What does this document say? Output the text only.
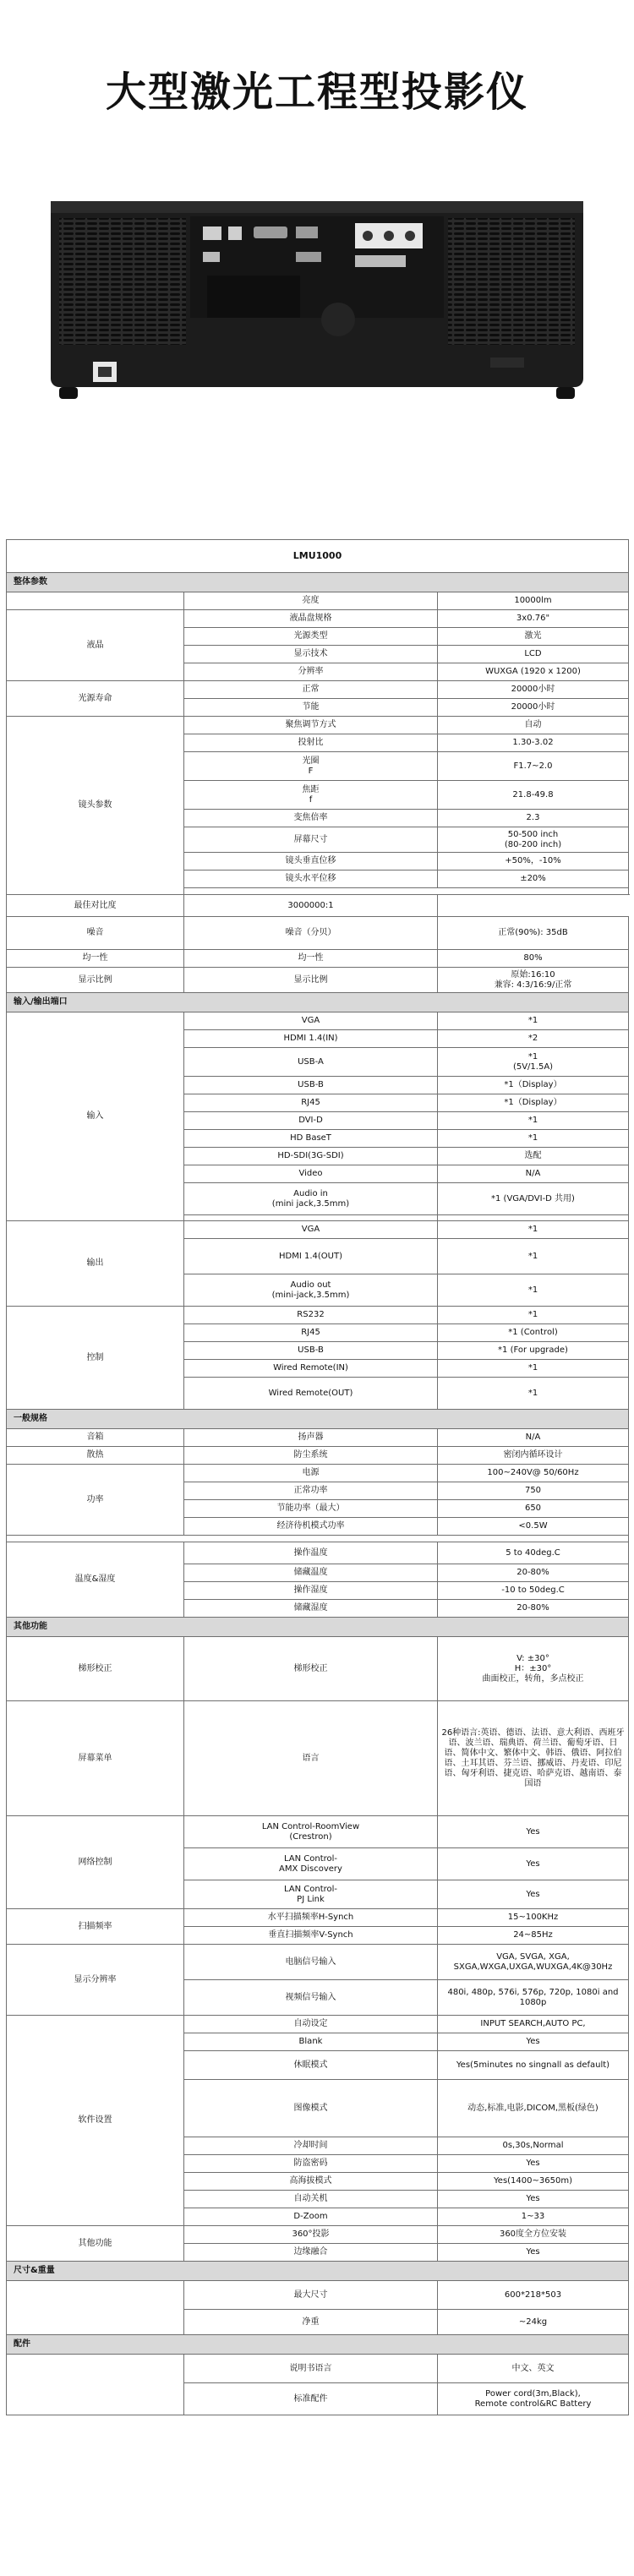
大型激光工程型投影仪
LMU1000		
整体参数		
	亮度	10000lm
液晶	液晶盘规格	3x0.76"
	光源类型	激光
	显示技术	LCD
	分辨率	WUXGA (1920 x 1200)
光源寿命	正常	20000小时
	节能	20000小时
镜头参数	聚焦调节方式	自动
	投射比	1.30-3.02
	光圈
F	F1.7~2.0
	焦距
f	21.8-49.8
	变焦倍率	2.3
	屏幕尺寸	50-500 inch
(80-200 inch)
	镜头垂直位移	+50%，-10%
	镜头水平位移	±20%

最佳对比度	3000000:1	
噪音	噪音（分贝）	正常(90%): 35dB
均一性	均一性	80%
显示比例	显示比例	原始:16:10
兼容: 4:3/16:9/正常
输入/输出端口		
输入	VGA	*1
	HDMI 1.4(IN)	*2
	USB-A	*1
(5V/1.5A)
	USB-B	*1（Display）
	RJ45	*1（Display）
	DVI-D	*1
	HD BaseT	*1
	HD-SDI(3G-SDI)	选配
	Video	N/A
	Audio in
(mini jack,3.5mm)	*1 (VGA/DVI-D 共用)

输出	VGA	*1
	HDMI 1.4(OUT)	*1
	Audio out
(mini-jack,3.5mm)	*1
控制	RS232	*1
	RJ45	*1 (Control)
	USB-B	*1 (For upgrade)
	Wired Remote(IN)	*1
	Wired Remote(OUT)	*1
一般规格		
音箱	扬声器	N/A
散热	防尘系统	密闭内循环设计
功率	电源	100~240V@ 50/60Hz
	正常功率	750
	节能功率（最大）	650
	经济待机模式功率	<0.5W

温度&湿度	操作温度	5 to 40deg.C
	储藏温度	20-80%
	操作湿度	-10 to 50deg.C
	储藏湿度	20-80%
其他功能		
梯形校正	梯形校正	V: ±30°
H：±30°
曲面校正，转角，多点校正
屏幕菜单	语言	26种语言:英语、德语、法语、意大利语、西班牙语、波兰语、瑞典语、荷兰语、葡萄牙语、日语、简体中文、繁体中文、韩语、俄语、阿拉伯语、土耳其语、芬兰语、挪威语、丹麦语、印尼语、匈牙利语、捷克语、哈萨克语、越南语、泰国语
网络控制	LAN Control-RoomView
(Crestron)	Yes
	LAN Control-
AMX Discovery	Yes
	LAN Control-
PJ Link	Yes
扫描频率	水平扫描频率H-Synch	15~100KHz
	垂直扫描频率V-Synch	24~85Hz
显示分辨率	电脑信号输入	VGA, SVGA, XGA,
SXGA,WXGA,UXGA,WUXGA,4K@30Hz
	视频信号输入	480i, 480p, 576i, 576p, 720p, 1080i and
1080p
软件设置	自动设定	INPUT SEARCH,AUTO PC,
	Blank	Yes
	休眠模式	Yes(5minutes no singnall as default)
	图像模式	动态,标准,电影,DICOM,黑板(绿色)
	冷却时间	0s,30s,Normal
	防盗密码	Yes
	高海拔模式	Yes(1400~3650m)
	自动关机	Yes
	D-Zoom	1~33
其他功能	360°投影	360度全方位安装
	边缘融合	Yes
尺寸&重量		
	最大尺寸	600*218*503
	净重	~24kg
配件		
	说明书语言	中文、英文
	标准配件	Power cord(3m,Black),
Remote control&RC Battery
